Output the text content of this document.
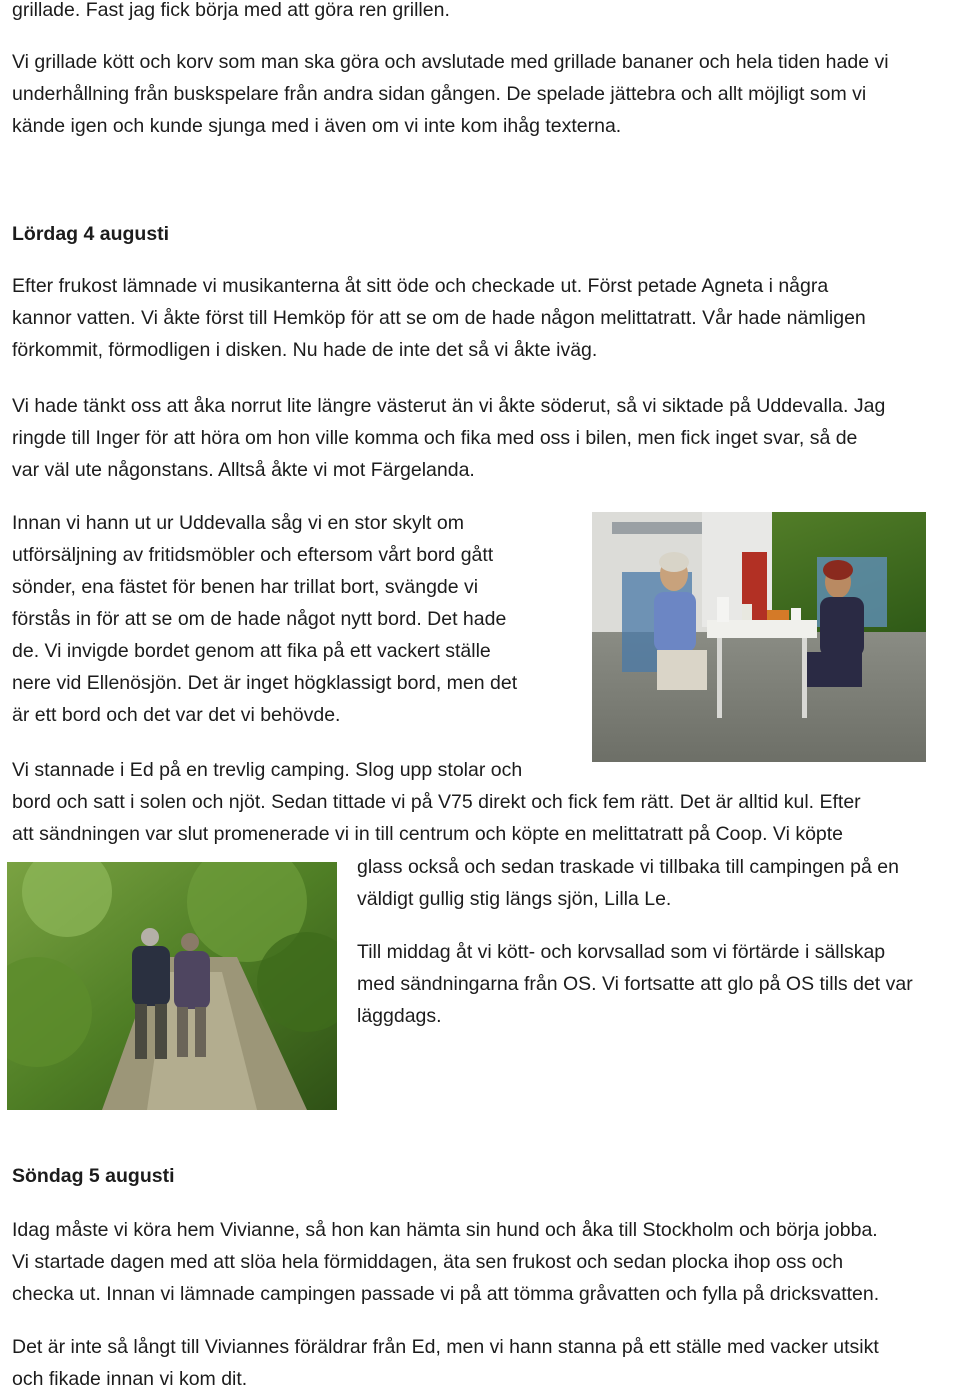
grillade. Fast jag fick börja med att göra ren grillen.
Vi grillade kött och korv som man ska göra och avslutade med grillade bananer och hela tiden hade vi
underhållning från buskspelare från andra sidan gången. De spelade jättebra och allt möjligt som vi
kände igen och kunde sjunga med i även om vi inte kom ihåg texterna.
Lördag 4 augusti
Efter frukost lämnade vi musikanterna åt sitt öde och checkade ut. Först petade Agneta i några
kannor vatten. Vi åkte först till Hemköp för att se om de hade någon melittatratt. Vår hade nämligen
förkommit, förmodligen i disken. Nu hade de inte det så vi åkte iväg.
Vi hade tänkt oss att åka norrut lite längre västerut än vi åkte söderut, så vi siktade på Uddevalla. Jag
ringde till Inger för att höra om hon ville komma och fika med oss i bilen, men fick inget svar, så de
var väl ute någonstans. Alltså åkte vi mot Färgelanda.
Innan vi hann ut ur Uddevalla såg vi en stor skylt om
utförsäljning av fritidsmöbler och eftersom vårt bord gått
sönder, ena fästet för benen har trillat bort, svängde vi
förstås in för att se om de hade något nytt bord. Det hade
de. Vi invigde bordet genom att fika på ett vackert ställe
nere vid Ellenösjön. Det är inget högklassigt bord, men det
är ett bord och det var det vi behövde.
Vi stannade i Ed på en trevlig camping. Slog upp stolar och
bord och satt i solen och njöt. Sedan tittade vi på V75 direkt och fick fem rätt. Det är alltid kul. Efter
att sändningen var slut promenerade vi in till centrum och köpte en melittatratt på Coop. Vi köpte
glass också och sedan traskade vi tillbaka till campingen på en
väldigt gullig stig längs sjön, Lilla Le.
Till middag åt vi kött- och korvsallad som vi förtärde i sällskap
med sändningarna från OS. Vi fortsatte att glo på OS tills det var
läggdags.
Söndag 5 augusti
Idag måste vi köra hem Vivianne, så hon kan hämta sin hund och åka till Stockholm och börja jobba.
Vi startade dagen med att slöa hela förmiddagen, äta sen frukost och sedan plocka ihop oss och
checka ut. Innan vi lämnade campingen passade vi på att tömma gråvatten och fylla på dricksvatten.
Det är inte så långt till Viviannes föräldrar från Ed, men vi hann stanna på ett ställe med vacker utsikt
och fikade innan vi kom dit.
